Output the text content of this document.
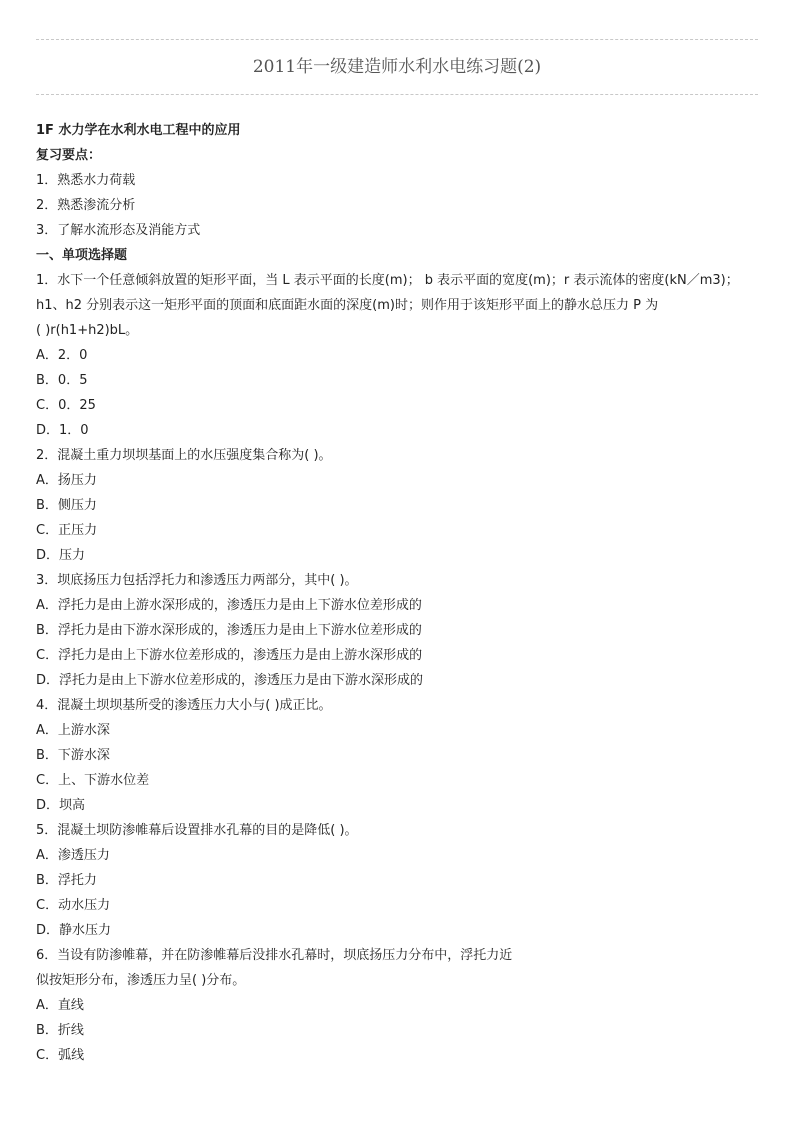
2011年一级建造师水利水电练习题(2)
1F 水力学在水利水电工程中的应用
复习要点：
1．熟悉水力荷载
2．熟悉渗流分析
3．了解水流形态及消能方式
一、单项选择题
1．水下一个任意倾斜放置的矩形平面，当 L 表示平面的长度(m)； b 表示平面的宽度(m)；r 表示流体的密度(kN／m3)；
h1、h2 分别表示这一矩形平面的顶面和底面距水面的深度(m)时；则作用于该矩形平面上的静水总压力 P 为
( )r(h1+h2)bL。
A．2．0
B．0．5
C．0．25
D．1．0
2．混凝土重力坝坝基面上的水压强度集合称为( )。
A．扬压力
B．侧压力
C．正压力
D．压力
3．坝底扬压力包括浮托力和渗透压力两部分，其中( )。
A．浮托力是由上游水深形成的，渗透压力是由上下游水位差形成的
B．浮托力是由下游水深形成的，渗透压力是由上下游水位差形成的
C．浮托力是由上下游水位差形成的，渗透压力是由上游水深形成的
D．浮托力是由上下游水位差形成的，渗透压力是由下游水深形成的
4．混凝土坝坝基所受的渗透压力大小与( )成正比。
A．上游水深
B．下游水深
C．上、下游水位差
D．坝高
5．混凝土坝防渗帷幕后设置排水孔幕的目的是降低( )。
A．渗透压力
B．浮托力
C．动水压力
D．静水压力
6．当设有防渗帷幕，并在防渗帷幕后没排水孔幕时，坝底扬压力分布中，浮托力近
似按矩形分布，渗透压力呈( )分布。
A．直线
B．折线
C．弧线
